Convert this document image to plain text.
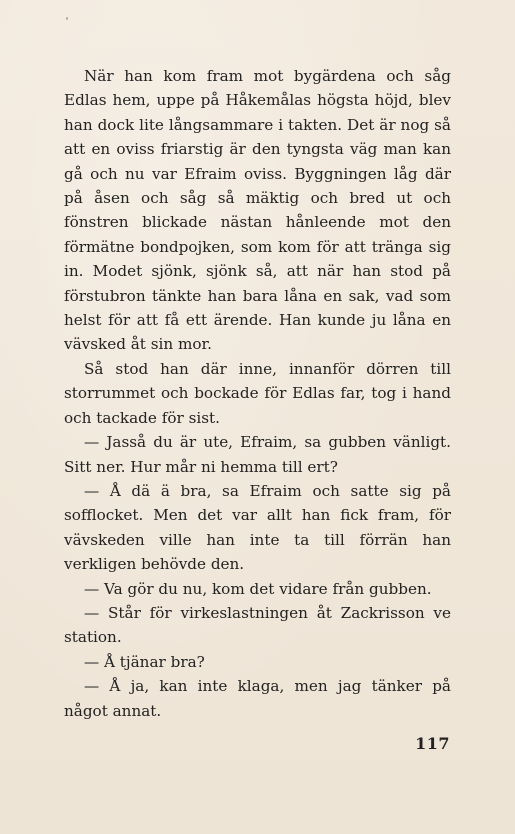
När han kom fram mot bygärdena och såg Edlas hem, uppe på Håkemålas högsta höjd, blev han dock lite långsammare i takten. Det är nog så att en oviss friarstig är den tyngsta väg man kan gå och nu var Efraim oviss. Byggningen låg där på åsen och såg så mäktig och bred ut och fönstren blickade nästan hånleende mot den förmätne bondpojken, som kom för att tränga sig in. Modet sjönk, sjönk så, att när han stod på förstubron tänkte han bara låna en sak, vad som helst för att få ett ärende. Han kunde ju låna en vävsked åt sin mor.

Så stod han där inne, innanför dörren till storrummet och bockade för Edlas far, tog i hand och tackade för sist.

— Jasså du är ute, Efraim, sa gubben vänligt. Sitt ner. Hur mår ni hemma till ert?

— Å dä ä bra, sa Efraim och satte sig på sofflocket. Men det var allt han fick fram, för vävskeden ville han inte ta till förrän han verkligen behövde den.

— Va gör du nu, kom det vidare från gubben.

— Står för virkeslastningen åt Zackrisson ve station.

— Å tjänar bra?

— Å ja, kan inte klaga, men jag tänker på något annat.

117
